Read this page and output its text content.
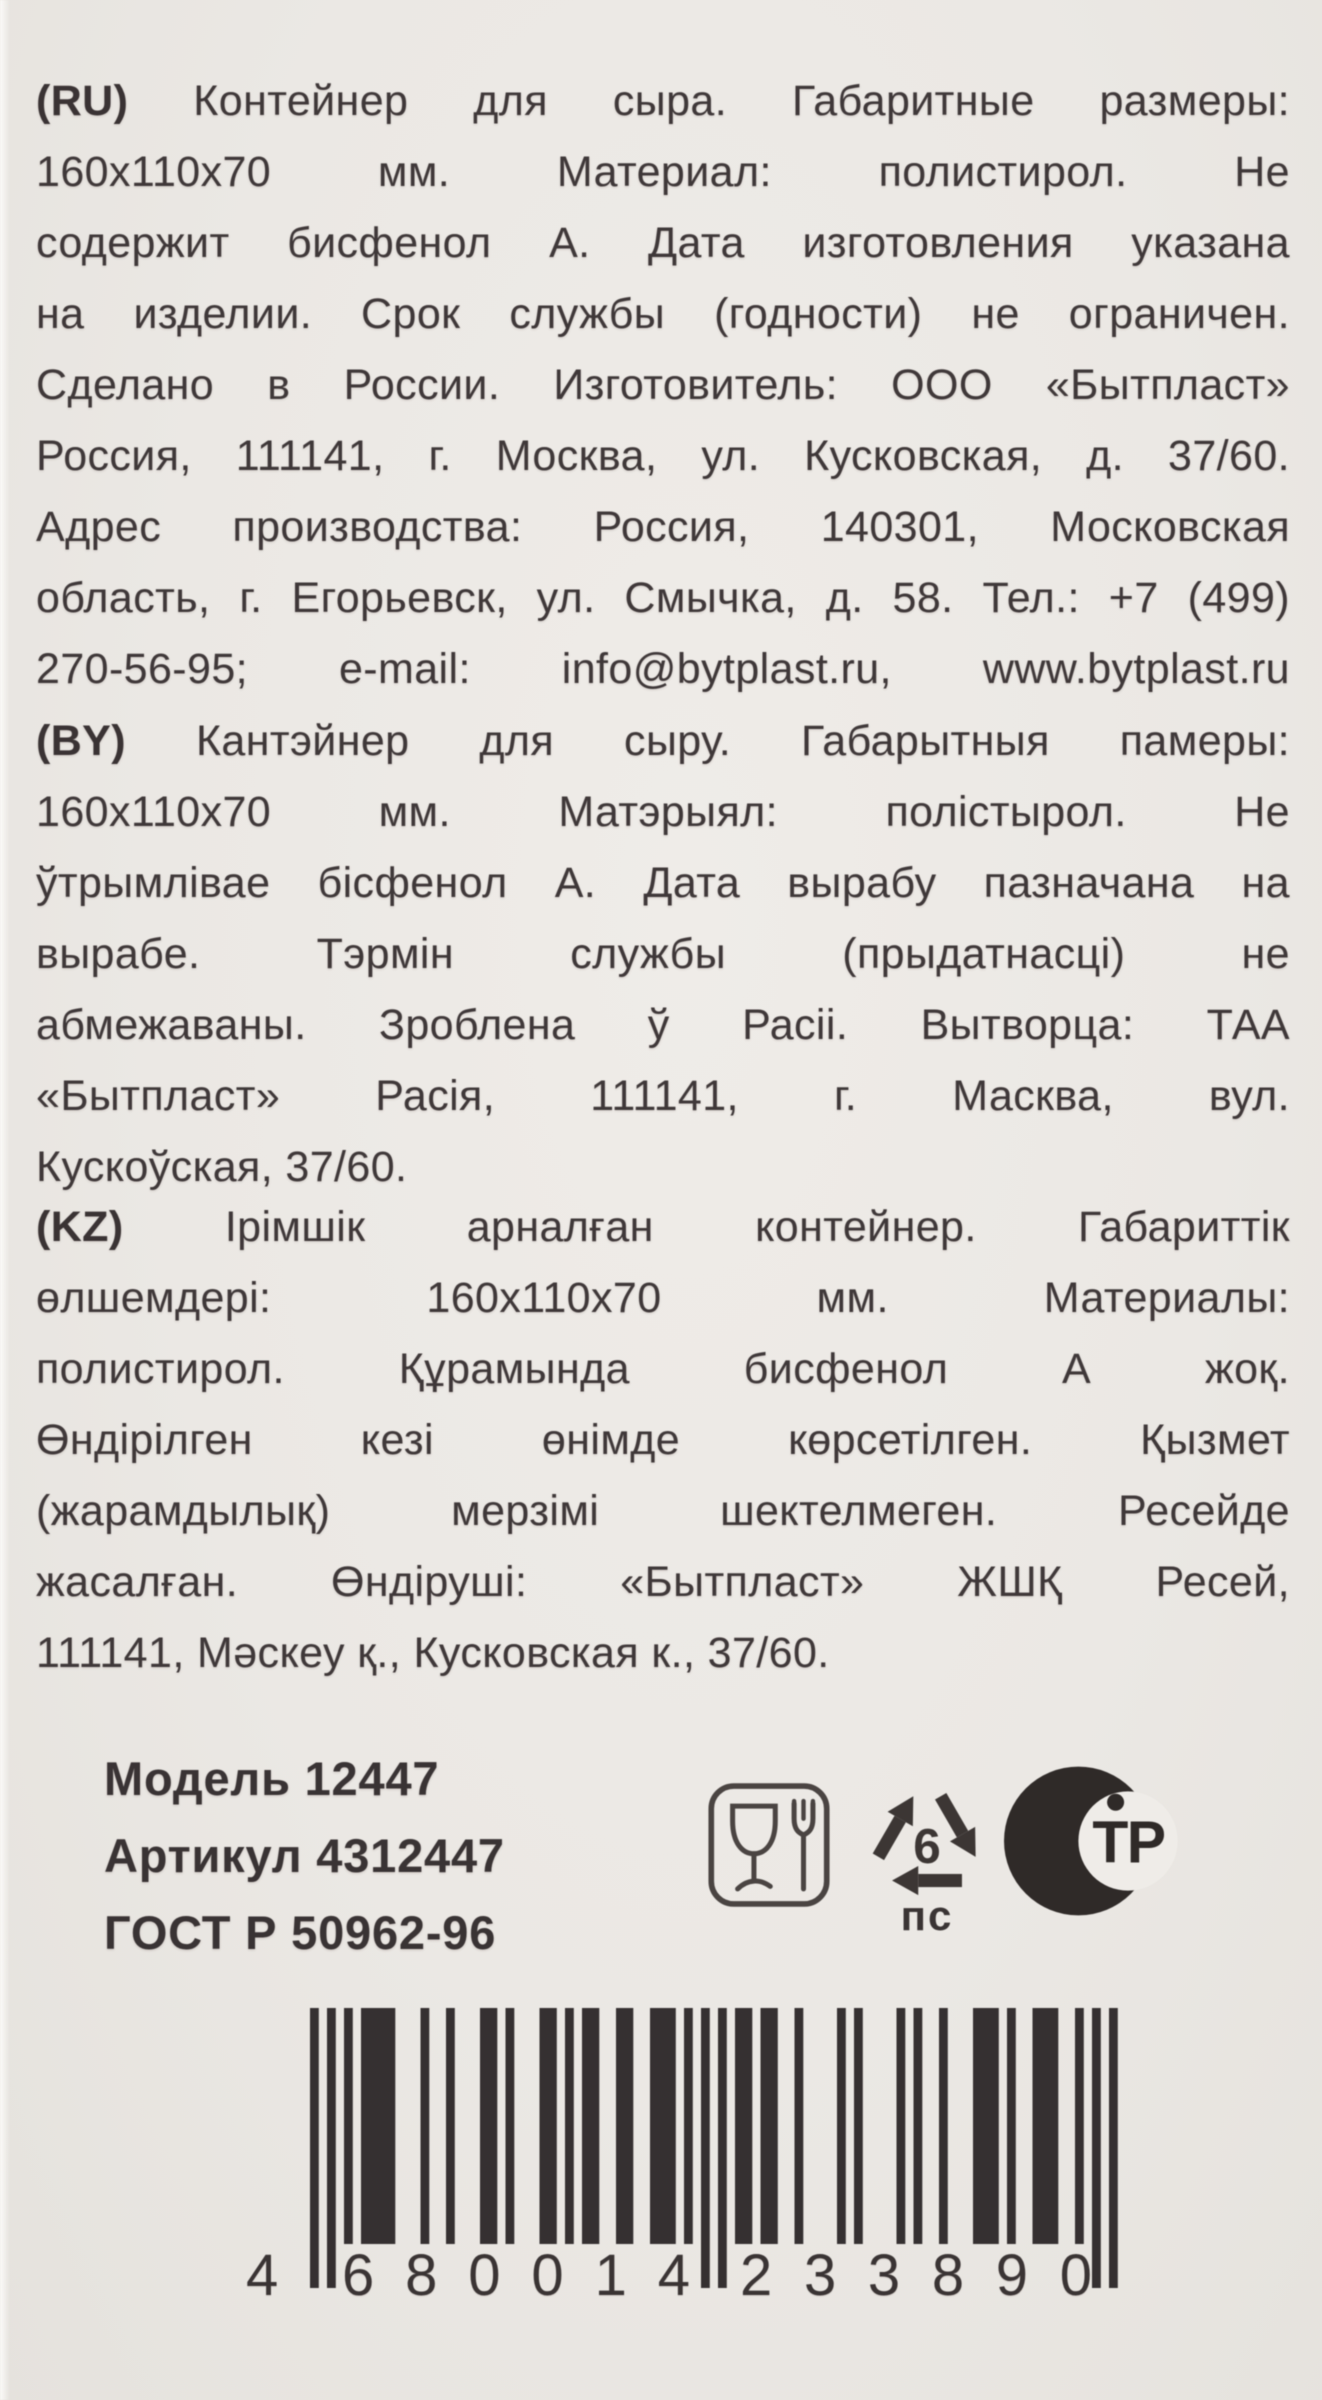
(RU) Контейнер для сыра. Габаритные размеры:
160х110х70 мм. Материал: полистирол. Не
содержит бисфенол А. Дата изготовления указана
на изделии. Срок службы (годности) не ограничен.
Сделано в России. Изготовитель: ООО «Бытпласт»
Россия, 111141, г. Москва, ул. Кусковская, д. 37/60.
Адрес производства: Россия, 140301, Московская
область, г. Егорьевск, ул. Смычка, д. 58. Тел.: +7 (499)
270-56-95; e-mail: info@bytplast.ru, www.bytplast.ru
(BY) Кантэйнер для сыру. Габарытныя памеры:
160х110х70 мм. Матэрыял: полістырол. Не
ўтрымлівае бісфенол А. Дата вырабу пазначана на
вырабе. Тэрмін службы (прыдатнасці) не
абмежаваны. Зроблена ў Расіі. Вытворца: ТАА
«Бытпласт» Расія, 111141, г. Масква, вул.
Кускоўская, 37/60.
(KZ) Ірімшік арналған контейнер. Габариттік
өлшемдері: 160х110х70 мм. Материалы:
полистирол. Құрамында бисфенол А жоқ.
Өндірілген кезі өнімде көрсетілген. Қызмет
(жарамдылық) мерзімі шектелмеген. Ресейде
жасалған. Өндіруші: «Бытпласт» ЖШҚ Ресей,
111141, Мәскеу қ., Кусковская к., 37/60.
Модель 12447
Артикул 4312447
ГОСТ Р 50962-96
6
пс
ТР
4	6 8 0 0 1 4 2 3 3 8 9 0
